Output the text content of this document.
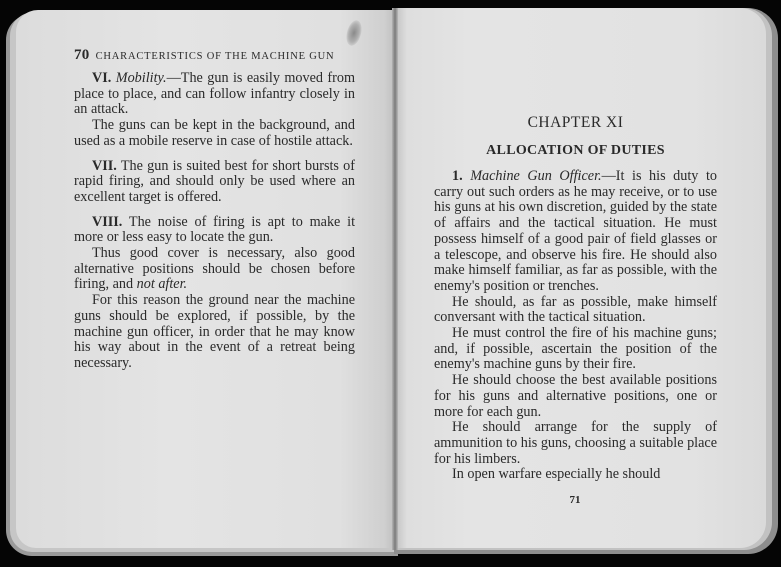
70 CHARACTERISTICS OF THE MACHINE GUN

VI. Mobility.—The gun is easily moved from place to place, and can follow infantry closely in an attack.

The guns can be kept in the background, and used as a mobile reserve in case of hostile attack.

VII. The gun is suited best for short bursts of rapid firing, and should only be used where an excellent target is offered.

VIII. The noise of firing is apt to make it more or less easy to locate the gun.

Thus good cover is necessary, also good alternative positions should be chosen before firing, and not after.

For this reason the ground near the machine guns should be explored, if possible, by the machine gun officer, in order that he may know his way about in the event of a retreat being necessary.

CHAPTER XI
ALLOCATION OF DUTIES

1. Machine Gun Officer.—It is his duty to carry out such orders as he may receive, or to use his guns at his own discretion, guided by the state of affairs and the tactical situation. He must possess himself of a good pair of field glasses or a telescope, and observe his fire. He should also make himself familiar, as far as possible, with the enemy's position or trenches.

He should, as far as possible, make himself conversant with the tactical situation.

He must control the fire of his machine guns; and, if possible, ascertain the position of the enemy's machine guns by their fire.

He should choose the best available positions for his guns and alternative positions, one or more for each gun.

He should arrange for the supply of ammunition to his guns, choosing a suitable place for his limbers.

In open warfare especially he should

71
